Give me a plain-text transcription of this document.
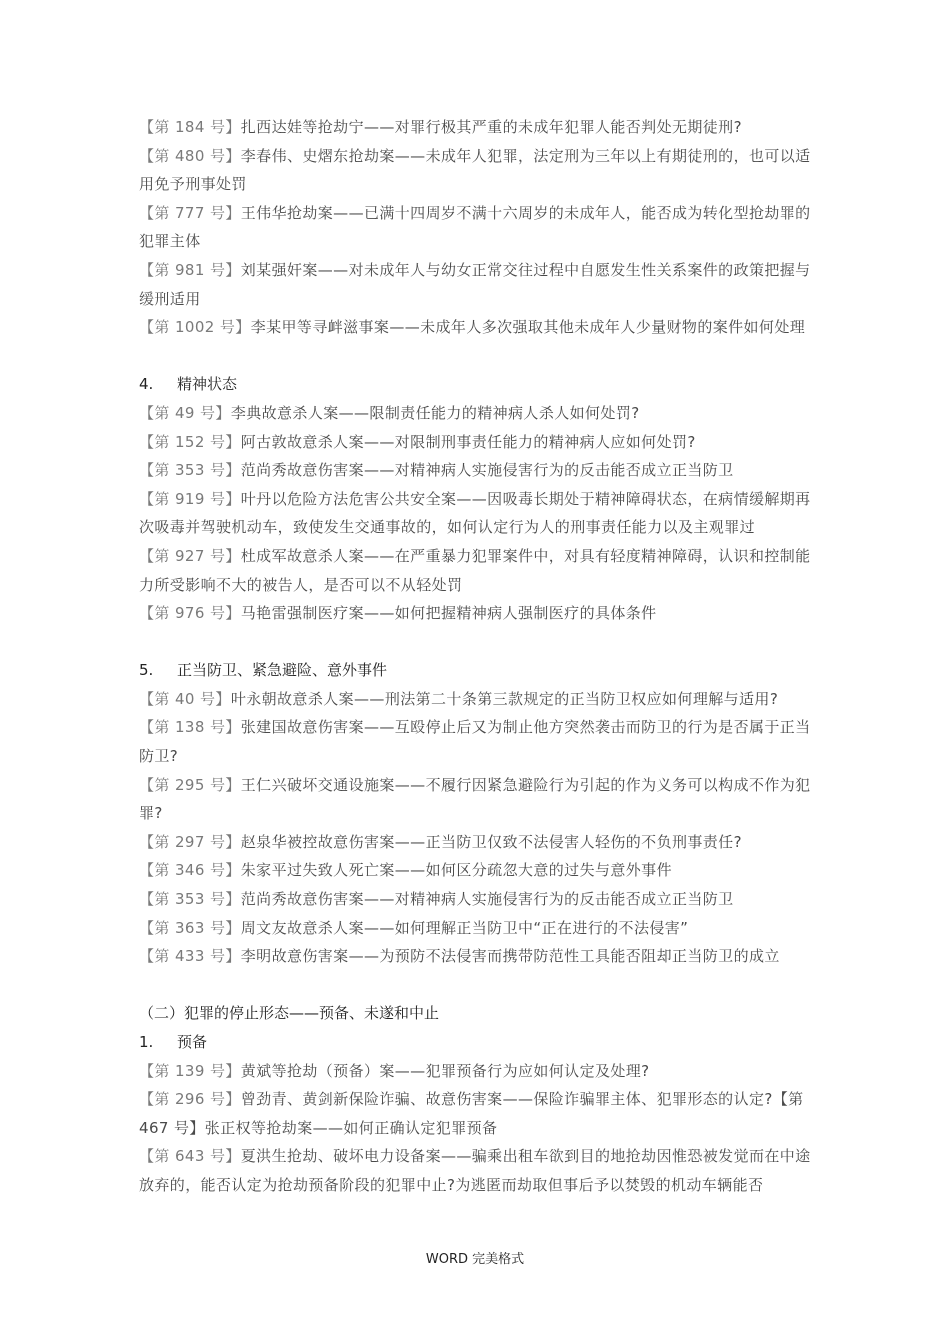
【第 184 号】扎西达娃等抢劫宁——对罪行极其严重的未成年犯罪人能否判处无期徒刑?
【第 480 号】李春伟、史熠东抢劫案——未成年人犯罪，法定刑为三年以上有期徒刑的，也可以适用免予刑事处罚
【第 777 号】王伟华抢劫案——已满十四周岁不满十六周岁的未成年人，能否成为转化型抢劫罪的犯罪主体
【第 981 号】刘某强奸案——对未成年人与幼女正常交往过程中自愿发生性关系案件的政策把握与缓刑适用
【第 1002 号】李某甲等寻衅滋事案——未成年人多次强取其他未成年人少量财物的案件如何处理
4. 精神状态
【第 49 号】李典故意杀人案——限制责任能力的精神病人杀人如何处罚?
【第 152 号】阿古敦故意杀人案——对限制刑事责任能力的精神病人应如何处罚?
【第 353 号】范尚秀故意伤害案——对精神病人实施侵害行为的反击能否成立正当防卫
【第 919 号】叶丹以危险方法危害公共安全案——因吸毒长期处于精神障碍状态，在病情缓解期再次吸毒并驾驶机动车，致使发生交通事故的，如何认定行为人的刑事责任能力以及主观罪过
【第 927 号】杜成军故意杀人案——在严重暴力犯罪案件中，对具有轻度精神障碍，认识和控制能力所受影响不大的被告人，是否可以不从轻处罚
【第 976 号】马艳雷强制医疗案——如何把握精神病人强制医疗的具体条件
5. 正当防卫、紧急避险、意外事件
【第 40 号】叶永朝故意杀人案——刑法第二十条第三款规定的正当防卫权应如何理解与适用?
【第 138 号】张建国故意伤害案——互殴停止后又为制止他方突然袭击而防卫的行为是否属于正当防卫?
【第 295 号】王仁兴破坏交通设施案——不履行因紧急避险行为引起的作为义务可以构成不作为犯罪?
【第 297 号】赵泉华被控故意伤害案——正当防卫仅致不法侵害人轻伤的不负刑事责任?
【第 346 号】朱家平过失致人死亡案——如何区分疏忽大意的过失与意外事件
【第 353 号】范尚秀故意伤害案——对精神病人实施侵害行为的反击能否成立正当防卫
【第 363 号】周文友故意杀人案——如何理解正当防卫中“正在进行的不法侵害”
【第 433 号】李明故意伤害案——为预防不法侵害而携带防范性工具能否阻却正当防卫的成立
（二）犯罪的停止形态——预备、未遂和中止
1. 预备
【第 139 号】黄斌等抢劫（预备）案——犯罪预备行为应如何认定及处理?
【第 296 号】曾劲青、黄剑新保险诈骗、故意伤害案——保险诈骗罪主体、犯罪形态的认定?【第 467 号】张正权等抢劫案——如何正确认定犯罪预备
【第 643 号】夏洪生抢劫、破坏电力设备案——骗乘出租车欲到目的地抢劫因惟恐被发觉而在中途放弃的，能否认定为抢劫预备阶段的犯罪中止?为逃匿而劫取但事后予以焚毁的机动车辆能否
WORD 完美格式
